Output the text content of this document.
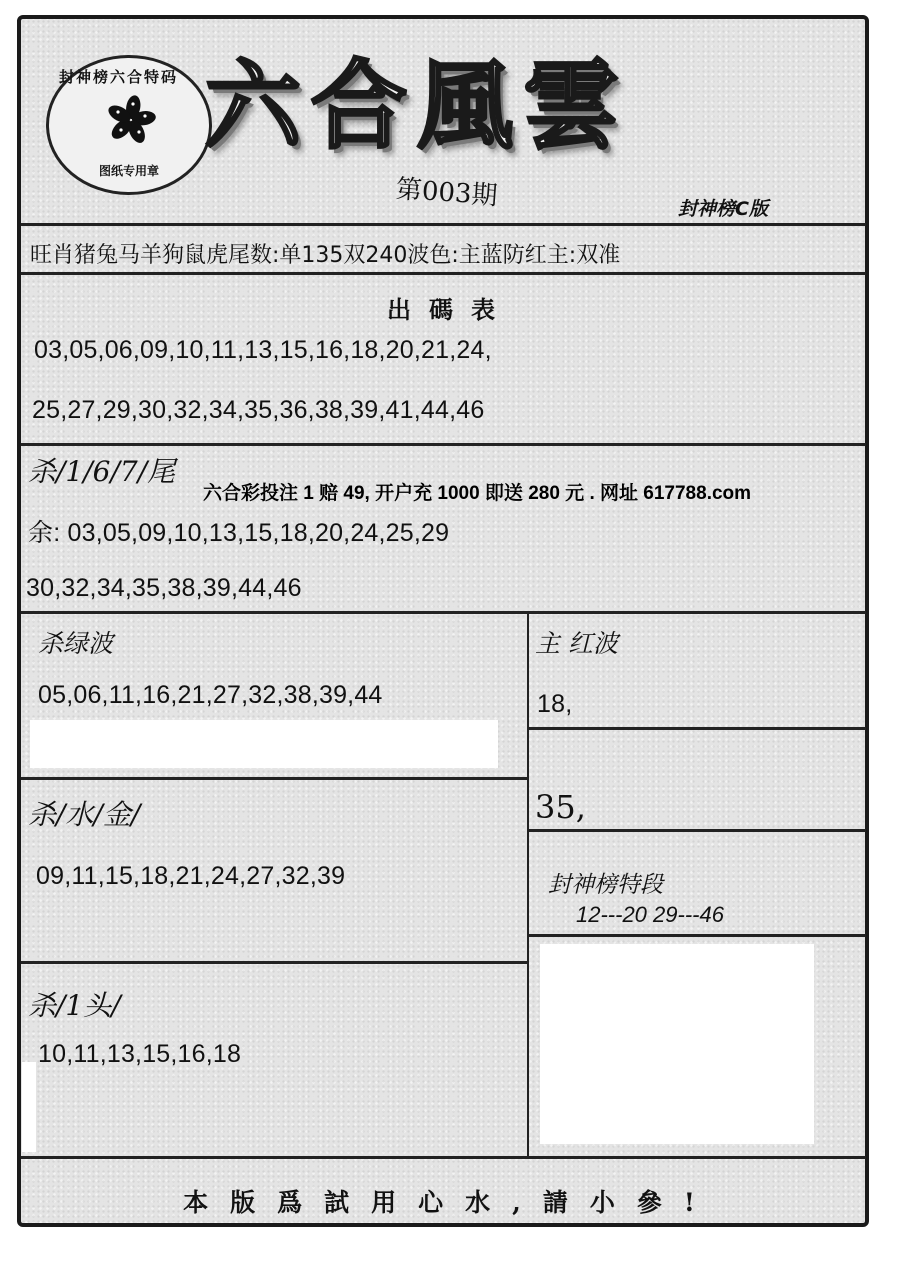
封神榜六合特码
图纸专用章
六合風雲
第003期	封神榜C版
旺肖猪兔马羊狗鼠虎尾数:单135双240波色:主蓝防红主:双准
出碼表
03,05,06,09,10,11,13,15,16,18,20,21,24,
25,27,29,30,32,34,35,36,38,39,41,44,46
杀/1/6/7/尾
六合彩投注 1 赔 49, 开户充 1000 即送 280 元 . 网址 617788.com
余: 03,05,09,10,13,15,18,20,24,25,29
30,32,34,35,38,39,44,46
杀绿波
05,06,11,16,21,27,32,38,39,44
主 红波
18,
35,
杀/水/金/
09,11,15,18,21,24,27,32,39	封神榜特段
12---20 29---46
杀/1头/
10,11,13,15,16,18
本版爲試用心水,請小參!
